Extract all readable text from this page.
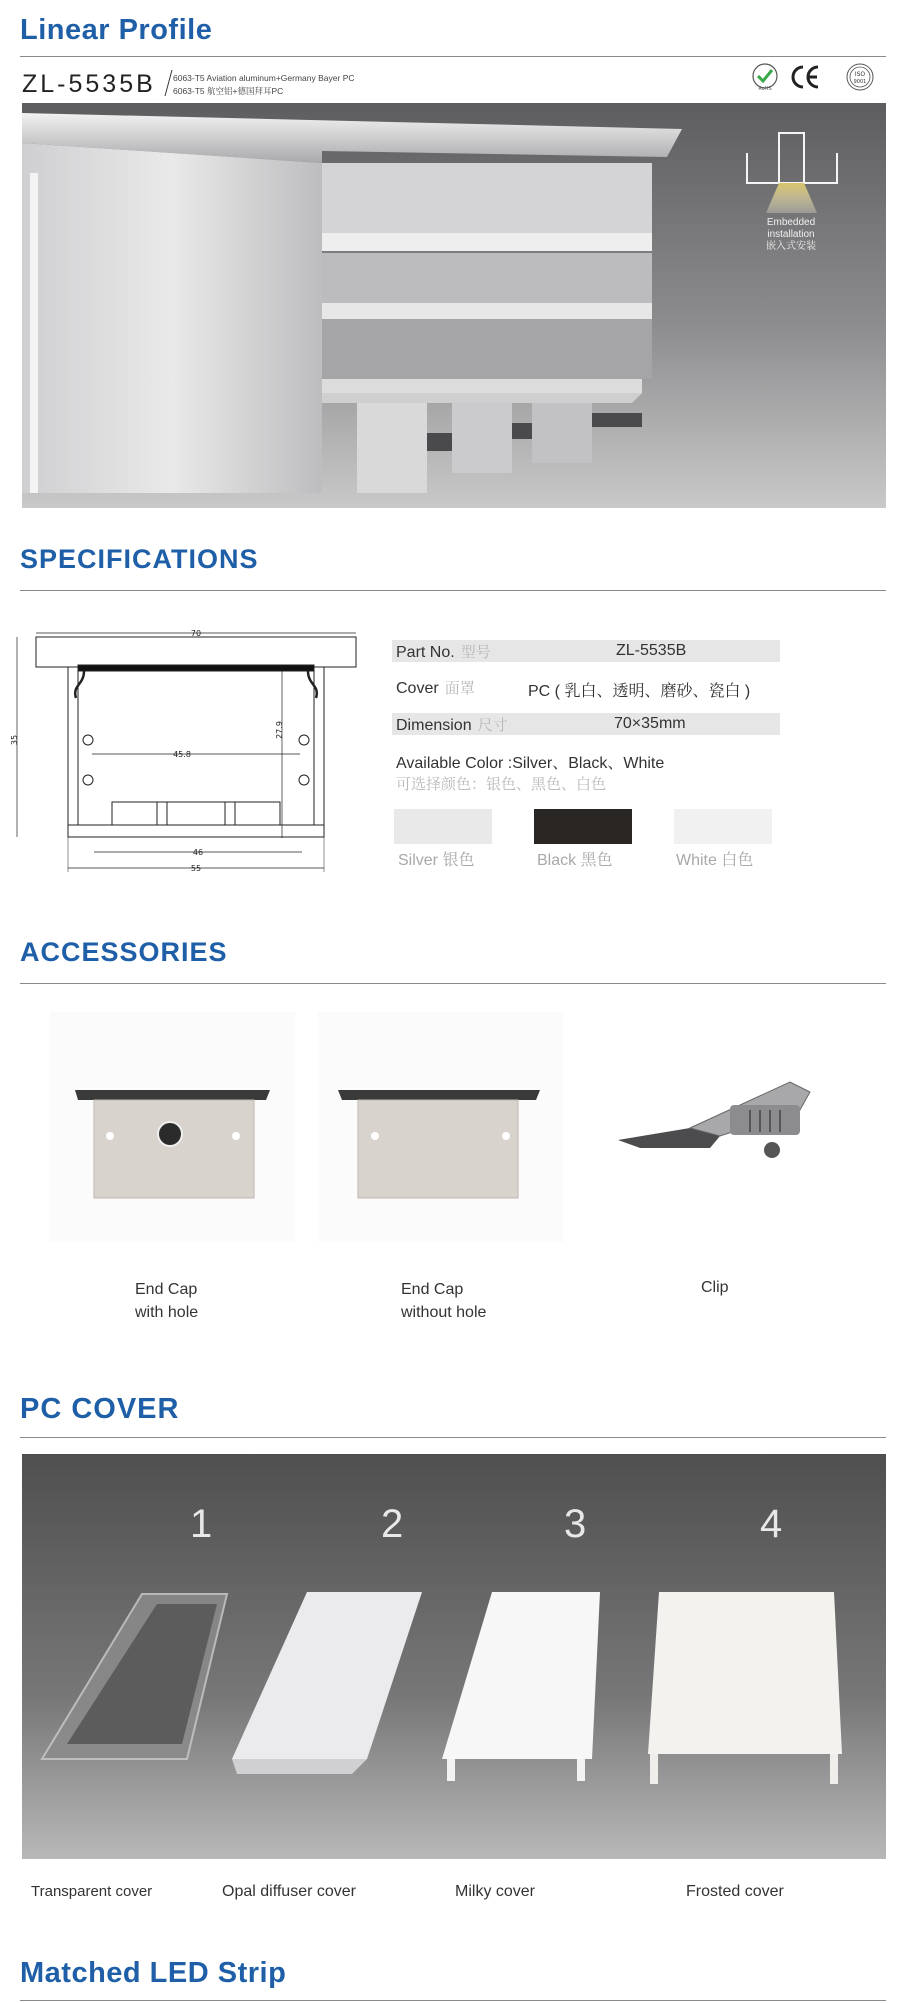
Linear Profile
ZL-5535B 6063-T5 Aviation aluminum+Germany Bayer PC
6063-T5 航空铝+德国拜耳PC	RoHS
ISO
9001
Embedded
installation
嵌入式安装
SPECIFICATIONS
70
45.8
27.9
35
46
55
Part No. 型号	ZL-5535B
Cover 面罩	PC ( 乳白、透明、磨砂、瓷白 )
Dimension 尺寸	70×35mm
Available Color :Silver、Black、White
可选择颜色：银色、黑色、白色
Silver 银色	Black 黑色	White 白色
ACCESSORIES
End Cap
with hole
End Cap
without hole
Clip
PC COVER
1	2	3	4
Transparent cover	Opal diffuser cover	Milky cover	Frosted cover
Matched LED Strip
